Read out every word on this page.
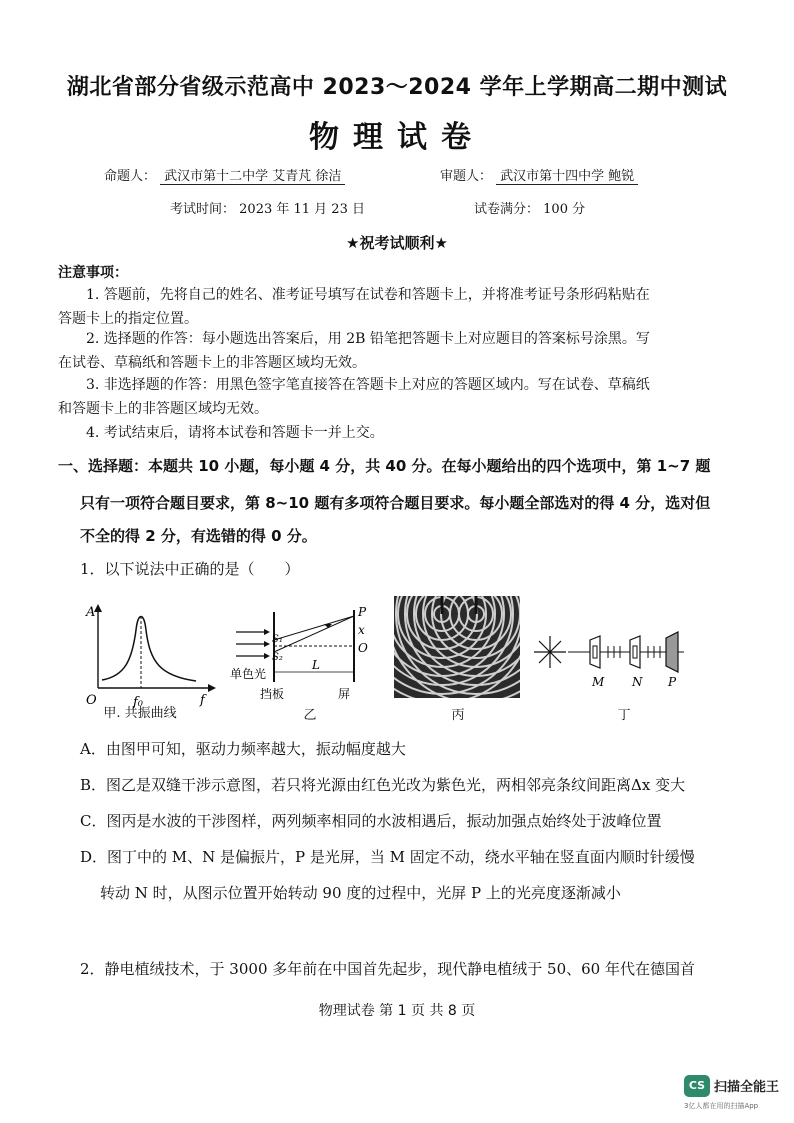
湖北省部分省级示范高中 2023～2024 学年上学期高二期中测试
物理试卷
命题人： 武汉市第十二中学 艾青芃 徐洁	审题人： 武汉市第十四中学 鲍锐
考试时间： 2023 年 11 月 23 日	试卷满分： 100 分
★祝考试顺利★
注意事项：
1. 答题前，先将自己的姓名、准考证号填写在试卷和答题卡上，并将准考证号条形码粘贴在
答题卡上的指定位置。
2. 选择题的作答：每小题选出答案后，用 2B 铅笔把答题卡上对应题目的答案标号涂黑。写
在试卷、草稿纸和答题卡上的非答题区域均无效。
3. 非选择题的作答：用黑色签字笔直接答在答题卡上对应的答题区域内。写在试卷、草稿纸
和答题卡上的非答题区域均无效。
4. 考试结束后，请将本试卷和答题卡一并上交。
一、选择题：本题共 10 小题，每小题 4 分，共 40 分。在每小题给出的四个选项中，第 1~7 题
只有一项符合题目要求，第 8~10 题有多项符合题目要求。每小题全部选对的得 4 分，选对但
不全的得 2 分，有选错的得 0 分。
1．以下说法中正确的是（　　）
A
f
O	f₀
甲. 共振曲线
S₁
S₂
P
x
O
L
单色光
挡板	屏
乙	丙
M N P
丁
A．由图甲可知，驱动力频率越大，振动幅度越大
B．图乙是双缝干涉示意图，若只将光源由红色光改为紫色光，两相邻亮条纹间距离Δx 变大
C．图丙是水波的干涉图样，两列频率相同的水波相遇后，振动加强点始终处于波峰位置
D．图丁中的 M、N 是偏振片，P 是光屏，当 M 固定不动，绕水平轴在竖直面内顺时针缓慢
转动 N 时，从图示位置开始转动 90 度的过程中，光屏 P 上的光亮度逐渐减小
2．静电植绒技术，于 3000 多年前在中国首先起步，现代静电植绒于 50、60 年代在德国首
物理试卷 第 1 页 共 8 页
CS 扫描全能王
3亿人都在用的扫描App
